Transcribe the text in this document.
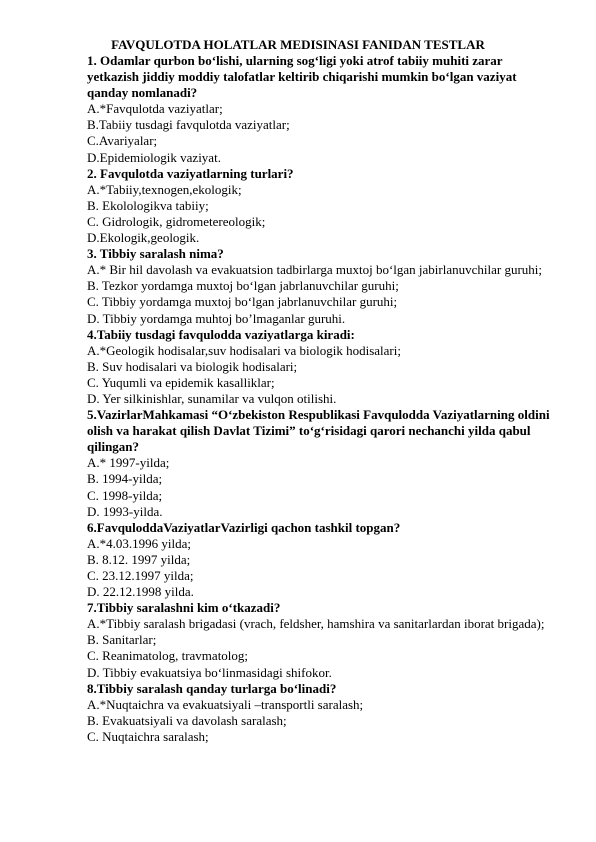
FAVQULOTDA HOLATLAR MEDISINASI FANIDAN TESTLAR

1. Odamlar qurbon bo‘lishi, ularning sog‘ligi yoki atrof tabiiy muhiti zarar yetkazish jiddiy moddiy talofatlar keltirib chiqarishi mumkin bo‘lgan vaziyat qanday nomlanadi?

A.*Favqulotda vaziyatlar;

B.Tabiiy tusdagi favqulotda vaziyatlar;

C.Avariyalar;

D.Epidemiologik vaziyat.

2. Favqulotda vaziyatlarning turlari?

A.*Tabiiy,texnogen,ekologik;

B. Ekolologikva tabiiy;

C. Gidrologik, gidrometereologik;

D.Ekologik,geologik.

3. Tibbiy saralash nima?

A.* Bir hil davolash va evakuatsion tadbirlarga muxtoj bo‘lgan jabirlanuvchilar guruhi;

B. Tezkor yordamga muxtoj bo‘lgan jabrlanuvchilar guruhi;

C. Tibbiy yordamga muxtoj bo‘lgan jabrlanuvchilar guruhi;

D. Tibbiy yordamga muhtoj bo’lmaganlar guruhi.

4.Tabiiy tusdagi favqulodda vaziyatlarga kiradi:

A.*Geologik hodisalar,suv hodisalari va biologik hodisalari;

B. Suv hodisalari va biologik hodisalari;

C. Yuqumli va epidemik kasalliklar;

D. Yer silkinishlar, sunamilar va vulqon otilishi.

5.VazirlarMahkamasi “O‘zbekiston Respublikasi Favqulodda Vaziyatlarning oldini olish va harakat qilish Davlat Tizimi” to‘g‘risidagi qarori nechanchi yilda qabul qilingan?

A.* 1997-yilda;

B. 1994-yilda;

C. 1998-yilda;

D. 1993-yilda.

6.FavquloddaVaziyatlarVazirligi qachon tashkil topgan?

A.*4.03.1996 yilda;

B. 8.12. 1997 yilda;

C. 23.12.1997 yilda;

D. 22.12.1998 yilda.

7.Tibbiy saralashni kim o‘tkazadi?

A.*Tibbiy saralash brigadasi (vrach, feldsher, hamshira va sanitarlardan iborat brigada);

B. Sanitarlar;

C. Reanimatolog, travmatolog;

D. Tibbiy evakuatsiya bo‘linmasidagi shifokor.

8.Tibbiy saralash qanday turlarga bo‘linadi?

A.*Nuqtaichra va evakuatsiyali –transportli saralash;

B. Evakuatsiyali va davolash saralash;

C. Nuqtaichra saralash;
